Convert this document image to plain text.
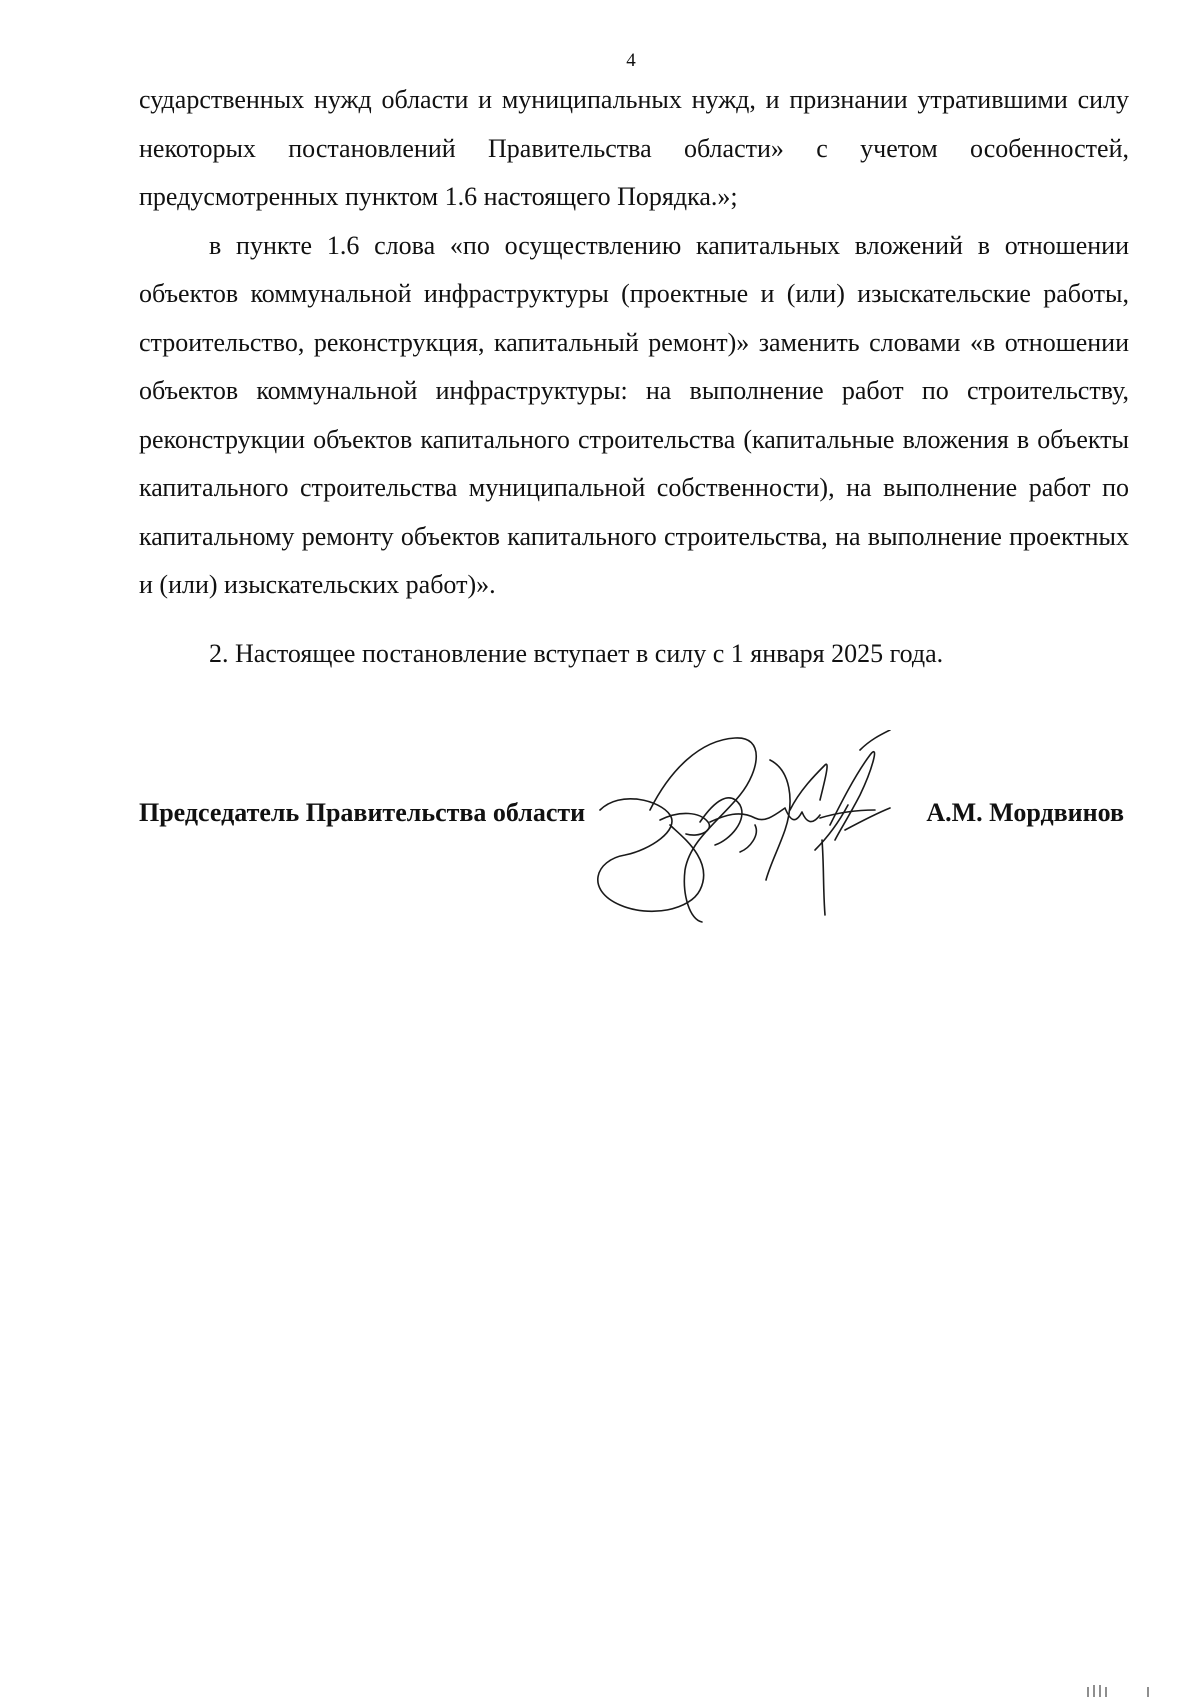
4

сударственных нужд области и муниципальных нужд, и признании утратившими силу некоторых постановлений Правительства области» с учетом особенностей, предусмотренных пунктом 1.6 настоящего Порядка.»;

в пункте 1.6 слова «по осуществлению капитальных вложений в отношении объектов коммунальной инфраструктуры (проектные и (или) изыскательские работы, строительство, реконструкция, капитальный ремонт)» заменить словами «в отношении объектов коммунальной инфраструктуры: на выполнение работ по строительству, реконструкции объектов капитального строительства (капитальные вложения в объекты капитального строительства муниципальной собственности), на выполнение работ по капитальному ремонту объектов капитального строительства, на выполнение проектных и (или) изыскательских работ)».

2. Настоящее постановление вступает в силу с 1 января 2025 года.

Председатель Правительства области	А.М. Мордвинов
